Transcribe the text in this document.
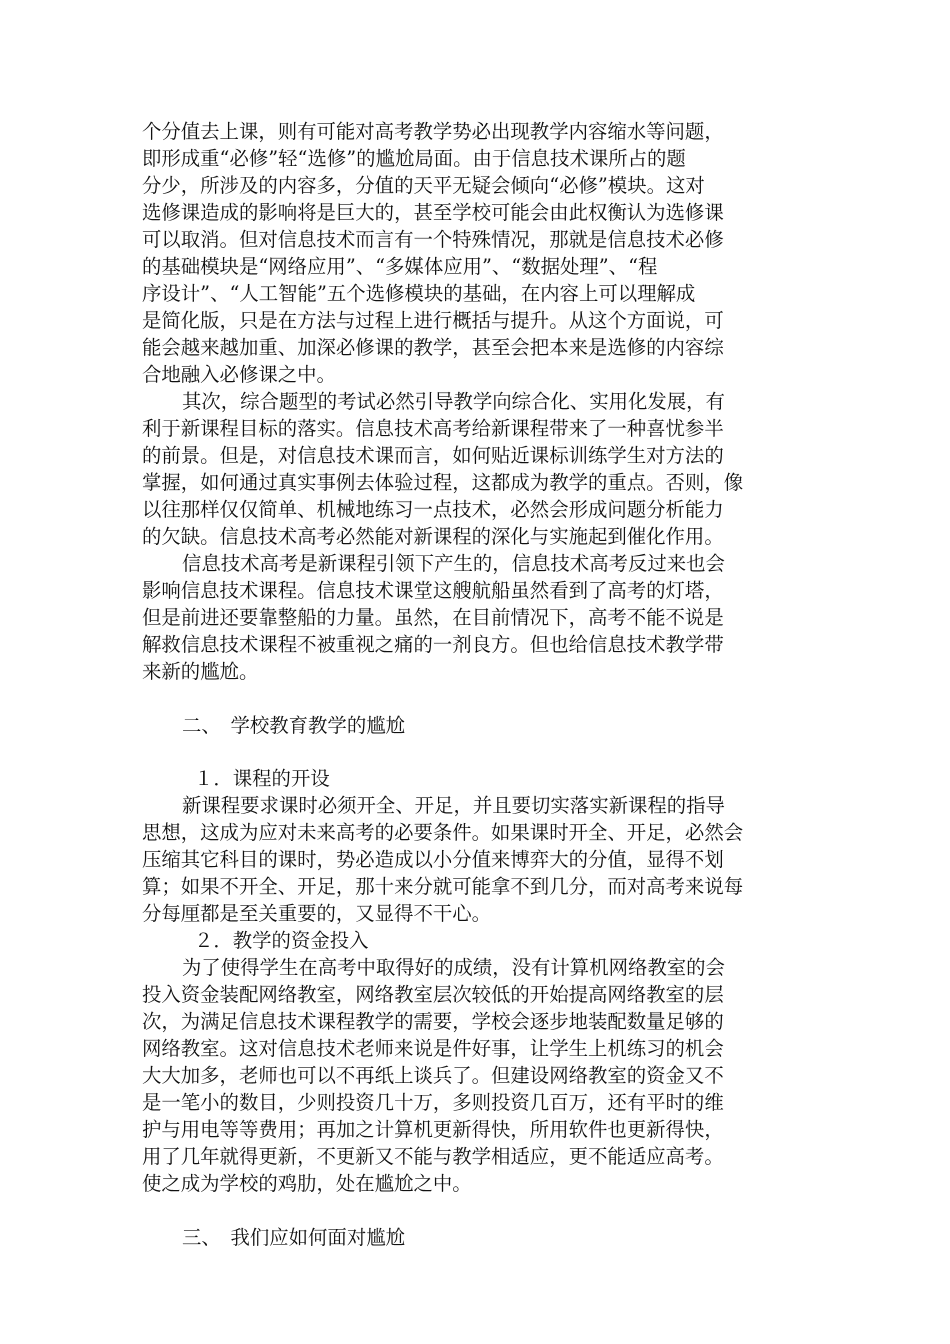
个分值去上课，则有可能对高考教学势必出现教学内容缩水等问题，
即形成重“必修”轻“选修”的尴尬局面。由于信息技术课所占的题
分少，所涉及的内容多，分值的天平无疑会倾向“必修”模块。这对
选修课造成的影响将是巨大的，甚至学校可能会由此权衡认为选修课
可以取消。但对信息技术而言有一个特殊情况，那就是信息技术必修
的基础模块是“网络应用”、“多媒体应用”、“数据处理”、“程
序设计”、“人工智能”五个选修模块的基础，在内容上可以理解成
是简化版，只是在方法与过程上进行概括与提升。从这个方面说，可
能会越来越加重、加深必修课的教学，甚至会把本来是选修的内容综
合地融入必修课之中。
其次，综合题型的考试必然引导教学向综合化、实用化发展，有
利于新课程目标的落实。信息技术高考给新课程带来了一种喜忧参半
的前景。但是，对信息技术课而言，如何贴近课标训练学生对方法的
掌握，如何通过真实事例去体验过程，这都成为教学的重点。否则，像
以往那样仅仅简单、机械地练习一点技术，必然会形成问题分析能力
的欠缺。信息技术高考必然能对新课程的深化与实施起到催化作用。
信息技术高考是新课程引领下产生的，信息技术高考反过来也会
影响信息技术课程。信息技术课堂这艘航船虽然看到了高考的灯塔，
但是前进还要靠整船的力量。虽然，在目前情况下，高考不能不说是
解救信息技术课程不被重视之痛的一剂良方。但也给信息技术教学带
来新的尴尬。
二、　学校教育教学的尴尬
１．课程的开设
新课程要求课时必须开全、开足，并且要切实落实新课程的指导
思想，这成为应对未来高考的必要条件。如果课时开全、开足，必然会
压缩其它科目的课时，势必造成以小分值来博弈大的分值，显得不划
算；如果不开全、开足，那十来分就可能拿不到几分，而对高考来说每
分每厘都是至关重要的，又显得不干心。
２．教学的资金投入
为了使得学生在高考中取得好的成绩，没有计算机网络教室的会
投入资金装配网络教室，网络教室层次较低的开始提高网络教室的层
次，为满足信息技术课程教学的需要，学校会逐步地装配数量足够的
网络教室。这对信息技术老师来说是件好事，让学生上机练习的机会
大大加多，老师也可以不再纸上谈兵了。但建设网络教室的资金又不
是一笔小的数目，少则投资几十万，多则投资几百万，还有平时的维
护与用电等等费用；再加之计算机更新得快，所用软件也更新得快，
用了几年就得更新，不更新又不能与教学相适应，更不能适应高考。
使之成为学校的鸡肋，处在尴尬之中。
三、　我们应如何面对尴尬
